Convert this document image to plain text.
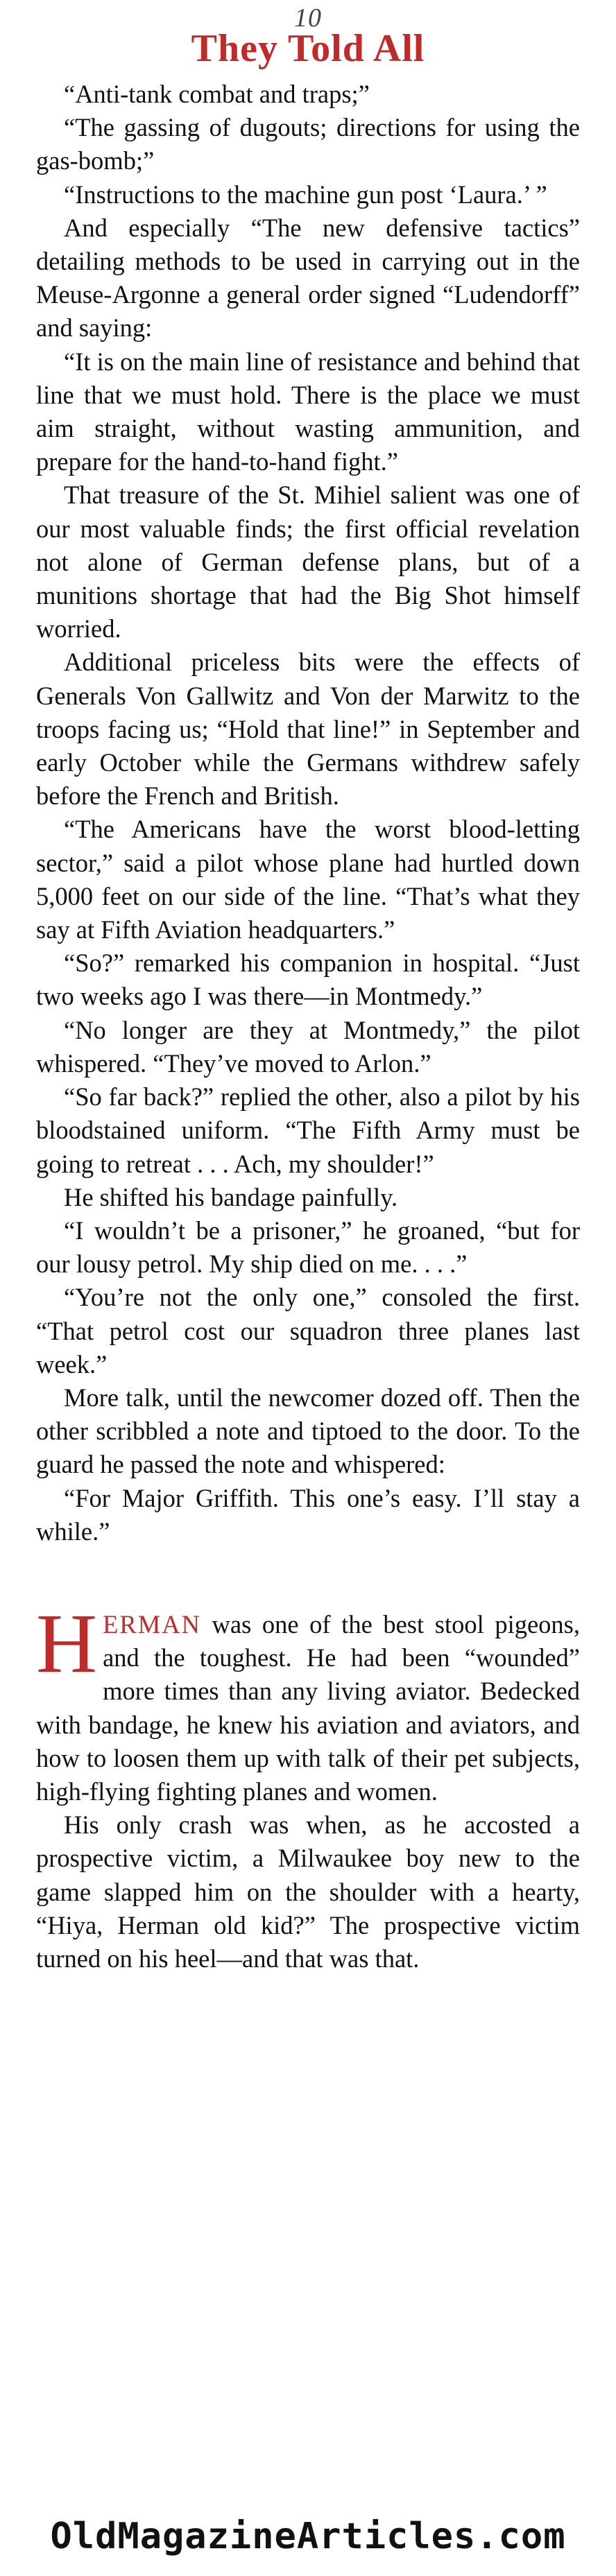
10
They Told All

“Anti-tank combat and traps;”

“The gassing of dugouts; directions for using the gas-bomb;”

“Instructions to the machine gun post ‘Laura.’ ”

And especially “The new defensive tactics” detailing methods to be used in carrying out in the Meuse-Argonne a general order signed “Ludendorff” and saying:

“It is on the main line of resistance and behind that line that we must hold. There is the place we must aim straight, without wasting ammunition, and prepare for the hand-to-hand fight.”

That treasure of the St. Mihiel salient was one of our most valuable finds; the first official revelation not alone of German defense plans, but of a munitions shortage that had the Big Shot himself worried.

Additional priceless bits were the effects of Generals Von Gallwitz and Von der Marwitz to the troops facing us; “Hold that line!” in September and early October while the Germans withdrew safely before the French and British.

“The Americans have the worst blood-letting sector,” said a pilot whose plane had hurtled down 5,000 feet on our side of the line. “That’s what they say at Fifth Aviation headquarters.”

“So?” remarked his companion in hospital. “Just two weeks ago I was there—in Montmedy.”

“No longer are they at Montmedy,” the pilot whispered. “They’ve moved to Arlon.”

“So far back?” replied the other, also a pilot by his bloodstained uniform. “The Fifth Army must be going to retreat . . . Ach, my shoulder!”

He shifted his bandage painfully.

“I wouldn’t be a prisoner,” he groaned, “but for our lousy petrol. My ship died on me. . . .”

“You’re not the only one,” consoled the first. “That petrol cost our squadron three planes last week.”

More talk, until the newcomer dozed off. Then the other scribbled a note and tiptoed to the door. To the guard he passed the note and whispered:

“For Major Griffith. This one’s easy. I’ll stay a while.”

HERMAN was one of the best stool pigeons, and the toughest. He had been “wounded” more times than any living aviator. Bedecked with bandage, he knew his aviation and aviators, and how to loosen them up with talk of their pet subjects, high-flying fighting planes and women.

His only crash was when, as he accosted a prospective victim, a Milwaukee boy new to the game slapped him on the shoulder with a hearty, “Hiya, Herman old kid?” The prospective victim turned on his heel—and that was that.

OldMagazineArticles.com
